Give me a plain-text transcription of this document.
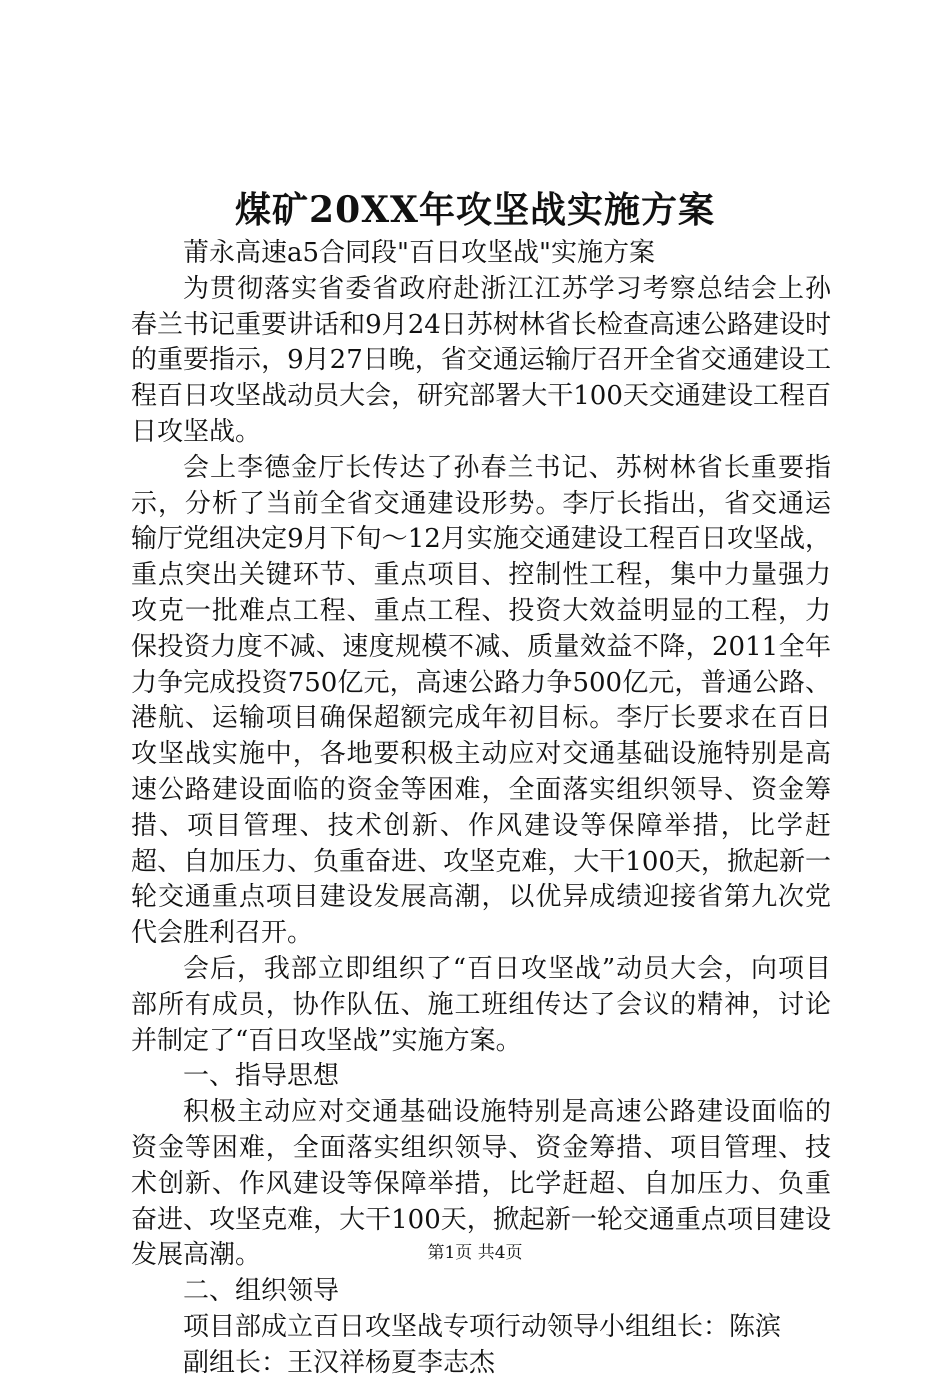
煤矿20XX年攻坚战实施方案

莆永高速a5合同段"百日攻坚战"实施方案

为贯彻落实省委省政府赴浙江江苏学习考察总结会上孙春兰书记重要讲话和9月24日苏树林省长检查高速公路建设时的重要指示，9月27日晚，省交通运输厅召开全省交通建设工程百日攻坚战动员大会，研究部署大干100天交通建设工程百日攻坚战。

会上李德金厅长传达了孙春兰书记、苏树林省长重要指示，分析了当前全省交通建设形势。李厅长指出，省交通运输厅党组决定9月下旬～12月实施交通建设工程百日攻坚战，重点突出关键环节、重点项目、控制性工程，集中力量强力攻克一批难点工程、重点工程、投资大效益明显的工程，力保投资力度不减、速度规模不减、质量效益不降，2011全年力争完成投资750亿元，高速公路力争500亿元，普通公路、港航、运输项目确保超额完成年初目标。李厅长要求在百日攻坚战实施中，各地要积极主动应对交通基础设施特别是高速公路建设面临的资金等困难，全面落实组织领导、资金筹措、项目管理、技术创新、作风建设等保障举措，比学赶超、自加压力、负重奋进、攻坚克难，大干100天，掀起新一轮交通重点项目建设发展高潮，以优异成绩迎接省第九次党代会胜利召开。

会后，我部立即组织了“百日攻坚战”动员大会，向项目部所有成员，协作队伍、施工班组传达了会议的精神，讨论并制定了“百日攻坚战”实施方案。

一、指导思想

积极主动应对交通基础设施特别是高速公路建设面临的资金等困难，全面落实组织领导、资金筹措、项目管理、技术创新、作风建设等保障举措，比学赶超、自加压力、负重奋进、攻坚克难，大干100天，掀起新一轮交通重点项目建设发展高潮。

二、组织领导

项目部成立百日攻坚战专项行动领导小组组长：陈滨

副组长：王汉祥杨夏李志杰

第1页 共4页
